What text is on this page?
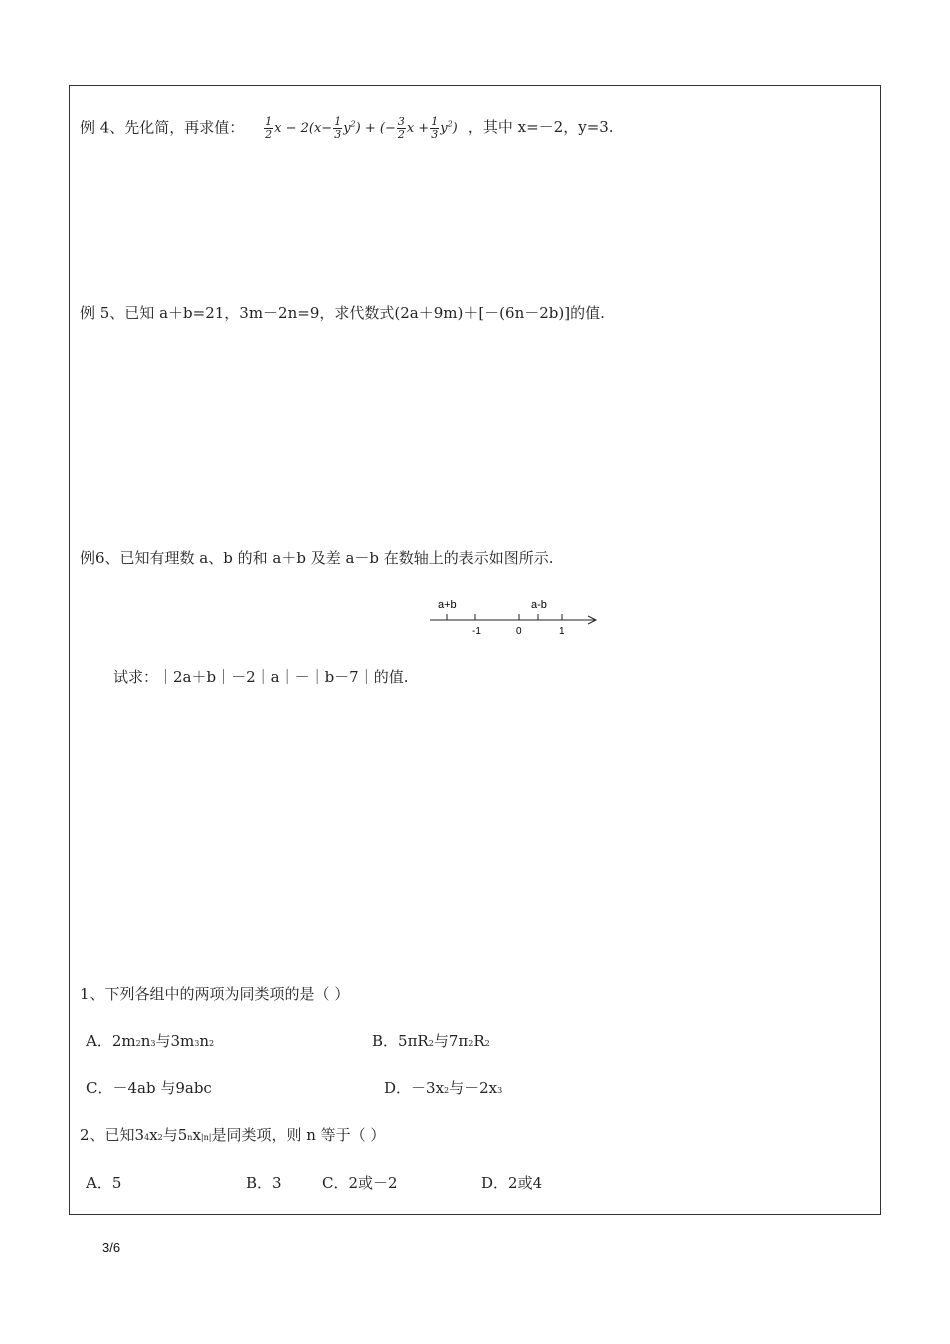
例 4、先化简，再求值： $\frac{1}{2}$ $x - 2(x- \frac{1}{3} y^2)$ + (− $\frac{3}{2}$ $x + \frac{1}{3} y^2$) ，其中 x=－2，y=3.
例 5、已知 a＋b=21，3m－2n=9，求代数式(2a＋9m)＋[－(6n－2b)]的值.
例6、已知有理数 a、b 的和 a＋b 及差 a－b 在数轴上的表示如图所示.
a+b	a-b
-1	0	1
试求：｜2a＋b｜－2｜a｜－｜b－7｜的值.
1、下列各组中的两项为同类项的是（ ）
A．2m2n3与3m3n2	B．5πR2与7π2R2
C．－4ab 与9abc	D．－3x2与－2x3
2、已知34x2与5nx|n|是同类项，则 n 等于（ ）
A．5	B．3	C．2或－2	D．2或4
3/6
